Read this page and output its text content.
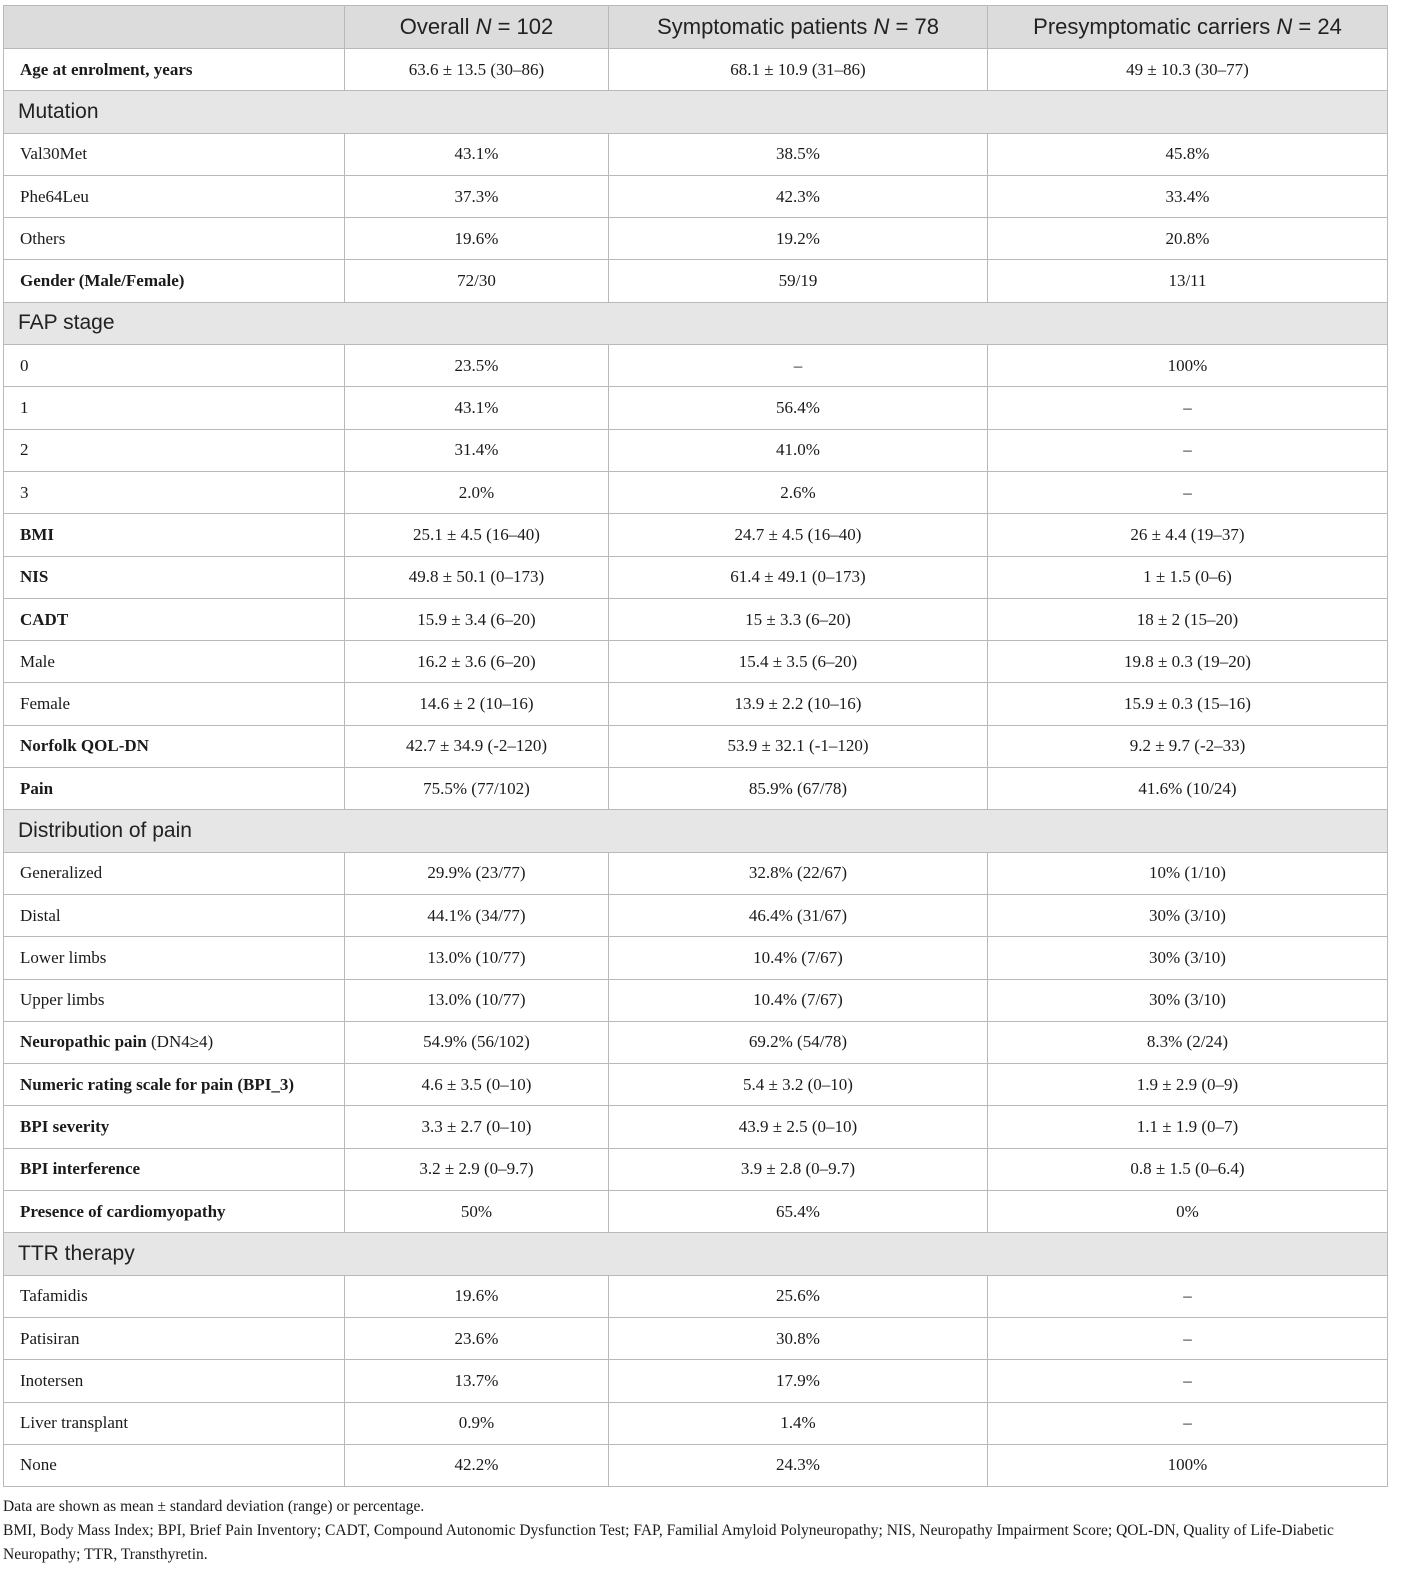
	Overall N = 102	Symptomatic patients N = 78	Presymptomatic carriers N = 24
Age at enrolment, years	63.6 ± 13.5 (30–86)	68.1 ± 10.9 (31–86)	49 ± 10.3 (30–77)
Mutation			
Val30Met	43.1%	38.5%	45.8%
Phe64Leu	37.3%	42.3%	33.4%
Others	19.6%	19.2%	20.8%
Gender (Male/Female)	72/30	59/19	13/11
FAP stage			
0	23.5%	–	100%
1	43.1%	56.4%	–
2	31.4%	41.0%	–
3	2.0%	2.6%	–
BMI	25.1 ± 4.5 (16–40)	24.7 ± 4.5 (16–40)	26 ± 4.4 (19–37)
NIS	49.8 ± 50.1 (0–173)	61.4 ± 49.1 (0–173)	1 ± 1.5 (0–6)
CADT	15.9 ± 3.4 (6–20)	15 ± 3.3 (6–20)	18 ± 2 (15–20)
Male	16.2 ± 3.6 (6–20)	15.4 ± 3.5 (6–20)	19.8 ± 0.3 (19–20)
Female	14.6 ± 2 (10–16)	13.9 ± 2.2 (10–16)	15.9 ± 0.3 (15–16)
Norfolk QOL-DN	42.7 ± 34.9 (-2–120)	53.9 ± 32.1 (-1–120)	9.2 ± 9.7 (-2–33)
Pain	75.5% (77/102)	85.9% (67/78)	41.6% (10/24)
Distribution of pain			
Generalized	29.9% (23/77)	32.8% (22/67)	10% (1/10)
Distal	44.1% (34/77)	46.4% (31/67)	30% (3/10)
Lower limbs	13.0% (10/77)	10.4% (7/67)	30% (3/10)
Upper limbs	13.0% (10/77)	10.4% (7/67)	30% (3/10)
Neuropathic pain (DN4≥4)	54.9% (56/102)	69.2% (54/78)	8.3% (2/24)
Numeric rating scale for pain (BPI_3)	4.6 ± 3.5 (0–10)	5.4 ± 3.2 (0–10)	1.9 ± 2.9 (0–9)
BPI severity	3.3 ± 2.7 (0–10)	43.9 ± 2.5 (0–10)	1.1 ± 1.9 (0–7)
BPI interference	3.2 ± 2.9 (0–9.7)	3.9 ± 2.8 (0–9.7)	0.8 ± 1.5 (0–6.4)
Presence of cardiomyopathy	50%	65.4%	0%
TTR therapy			
Tafamidis	19.6%	25.6%	–
Patisiran	23.6%	30.8%	–
Inotersen	13.7%	17.9%	–
Liver transplant	0.9%	1.4%	–
None	42.2%	24.3%	100%

Data are shown as mean ± standard deviation (range) or percentage.

BMI, Body Mass Index; BPI, Brief Pain Inventory; CADT, Compound Autonomic Dysfunction Test; FAP, Familial Amyloid Polyneuropathy; NIS, Neuropathy Impairment Score; QOL-DN, Quality of Life-Diabetic Neuropathy; TTR, Transthyretin.
